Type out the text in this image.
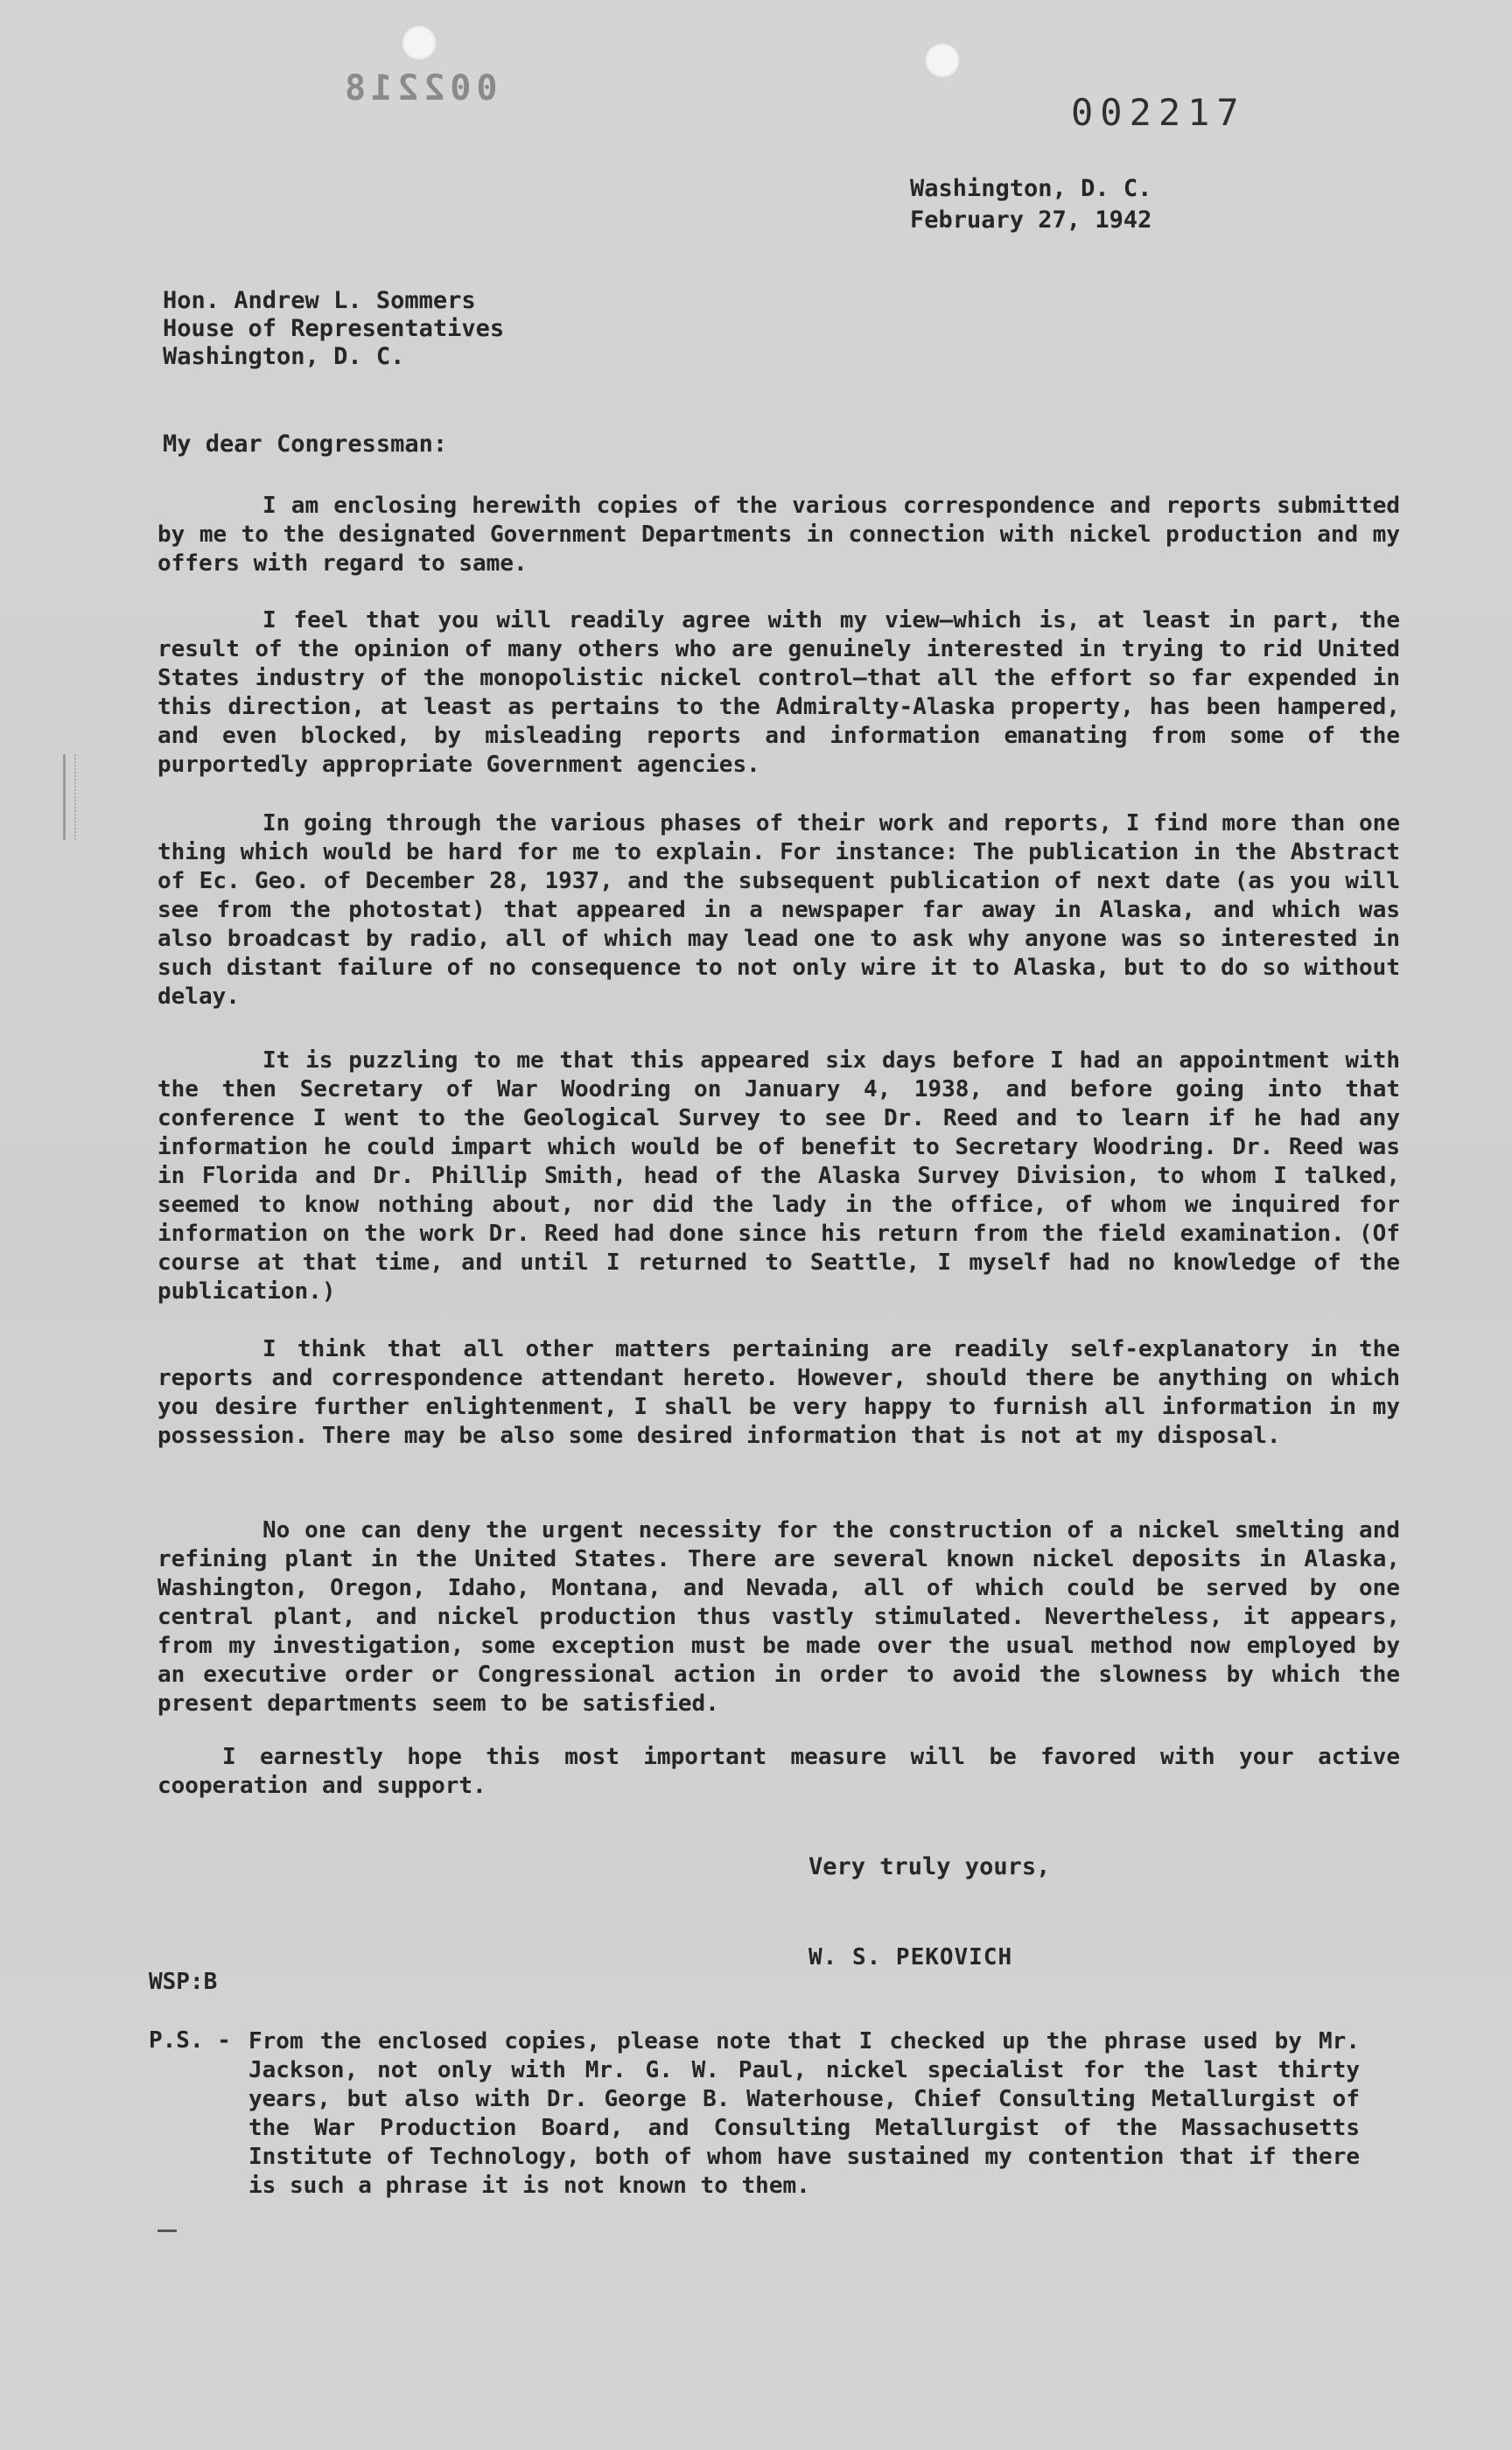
002218
002217
Washington, D. C.
February 27, 1942
Hon. Andrew L. Sommers
House of Representatives
Washington, D. C.
My dear Congressman:
I am enclosing herewith copies of the various correspondence and reports submitted by me to the designated Government Departments in connection with nickel production and my offers with regard to same.
I feel that you will readily agree with my view—which is, at least in part, the result of the opinion of many others who are genuinely interested in trying to rid United States industry of the monopolistic nickel control—that all the effort so far expended in this direction, at least as pertains to the Admiralty-Alaska property, has been hampered, and even blocked, by misleading reports and information emanating from some of the purportedly appropriate Government agencies.
In going through the various phases of their work and reports, I find more than one thing which would be hard for me to explain. For instance: The publication in the Abstract of Ec. Geo. of December 28, 1937, and the subsequent publication of next date (as you will see from the photostat) that appeared in a newspaper far away in Alaska, and which was also broadcast by radio, all of which may lead one to ask why anyone was so interested in such distant failure of no consequence to not only wire it to Alaska, but to do so without delay.
It is puzzling to me that this appeared six days before I had an appointment with the then Secretary of War Woodring on January 4, 1938, and before going into that conference I went to the Geological Survey to see Dr. Reed and to learn if he had any information he could impart which would be of benefit to Secretary Woodring. Dr. Reed was in Florida and Dr. Phillip Smith, head of the Alaska Survey Division, to whom I talked, seemed to know nothing about, nor did the lady in the office, of whom we inquired for information on the work Dr. Reed had done since his return from the field examination. (Of course at that time, and until I returned to Seattle, I myself had no knowledge of the publication.)
I think that all other matters pertaining are readily self-explanatory in the reports and correspondence attendant hereto. However, should there be anything on which you desire further enlightenment, I shall be very happy to furnish all information in my possession. There may be also some desired information that is not at my disposal.
No one can deny the urgent necessity for the construction of a nickel smelting and refining plant in the United States. There are several known nickel deposits in Alaska, Washington, Oregon, Idaho, Montana, and Nevada, all of which could be served by one central plant, and nickel production thus vastly stimulated. Nevertheless, it appears, from my investigation, some exception must be made over the usual method now employed by an executive order or Congressional action in order to avoid the slowness by which the present departments seem to be satisfied.
I earnestly hope this most important measure will be favored with your active cooperation and support.
Very truly yours,
W. S. PEKOVICH
WSP:B
P.S. - From the enclosed copies, please note that I checked up the phrase used by Mr. Jackson, not only with Mr. G. W. Paul, nickel specialist for the last thirty years, but also with Dr. George B. Waterhouse, Chief Consulting Metallurgist of the War Production Board, and Consulting Metallurgist of the Massachusetts Institute of Technology, both of whom have sustained my contention that if there is such a phrase it is not known to them.
